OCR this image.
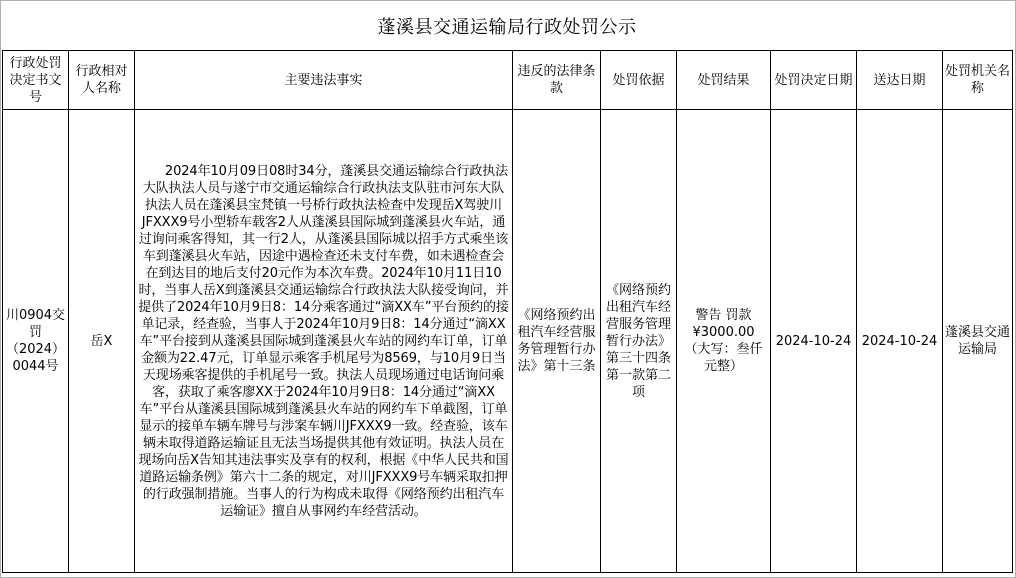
蓬溪县交通运输局行政处罚公示
行政处罚决定书文号	行政相对人名称	主要违法事实	违反的法律条款	处罚依据	处罚结果	处罚决定日期	送达日期	处罚机关名称
川0904交罚（2024）0044号	岳X	2024年10月09日08时34分，蓬溪县交通运输综合行政执法大队执法人员与遂宁市交通运输综合行政执法支队驻市河东大队执法人员在蓬溪县宝梵镇一号桥行政执法检查中发现岳X驾驶川JFXXX9号小型轿车载客2人从蓬溪县国际城到蓬溪县火车站，通过询问乘客得知，其一行2人，从蓬溪县国际城以招手方式乘坐该车到蓬溪县火车站，因途中遇检查还未支付车费，如未遇检查会在到达目的地后支付20元作为本次车费。2024年10月11日10时，当事人岳X到蓬溪县交通运输综合行政执法大队接受询问，并提供了2024年10月9日8：14分乘客通过“滴XX车”平台预约的接单记录，经查验，当事人于2024年10月9日8：14分通过“滴XX车”平台接到从蓬溪县国际城到蓬溪县火车站的网约车订单，订单金额为22.47元，订单显示乘客手机尾号为8569，与10月9日当天现场乘客提供的手机尾号一致。执法人员现场通过电话询问乘客，获取了乘客廖XX于2024年10月9日8：14分通过“滴XX车”平台从蓬溪县国际城到蓬溪县火车站的网约车下单截图，订单显示的接单车辆车牌号与涉案车辆川JFXXX9一致。经查验，该车辆未取得道路运输证且无法当场提供其他有效证明。执法人员在现场向岳X告知其违法事实及享有的权利，根据《中华人民共和国道路运输条例》第六十二条的规定，对川JFXXX9号车辆采取扣押的行政强制措施。当事人的行为构成未取得《网络预约出租汽车运输证》擅自从事网约车经营活动。	《网络预约出租汽车经营服务管理暂行办法》第十三条	《网络预约出租汽车经营服务管理暂行办法》第三十四条第一款第二项	警告 罚款 ¥3000.00 （大写：叁仟元整）	2024-10-24	2024-10-24	蓬溪县交通运输局
